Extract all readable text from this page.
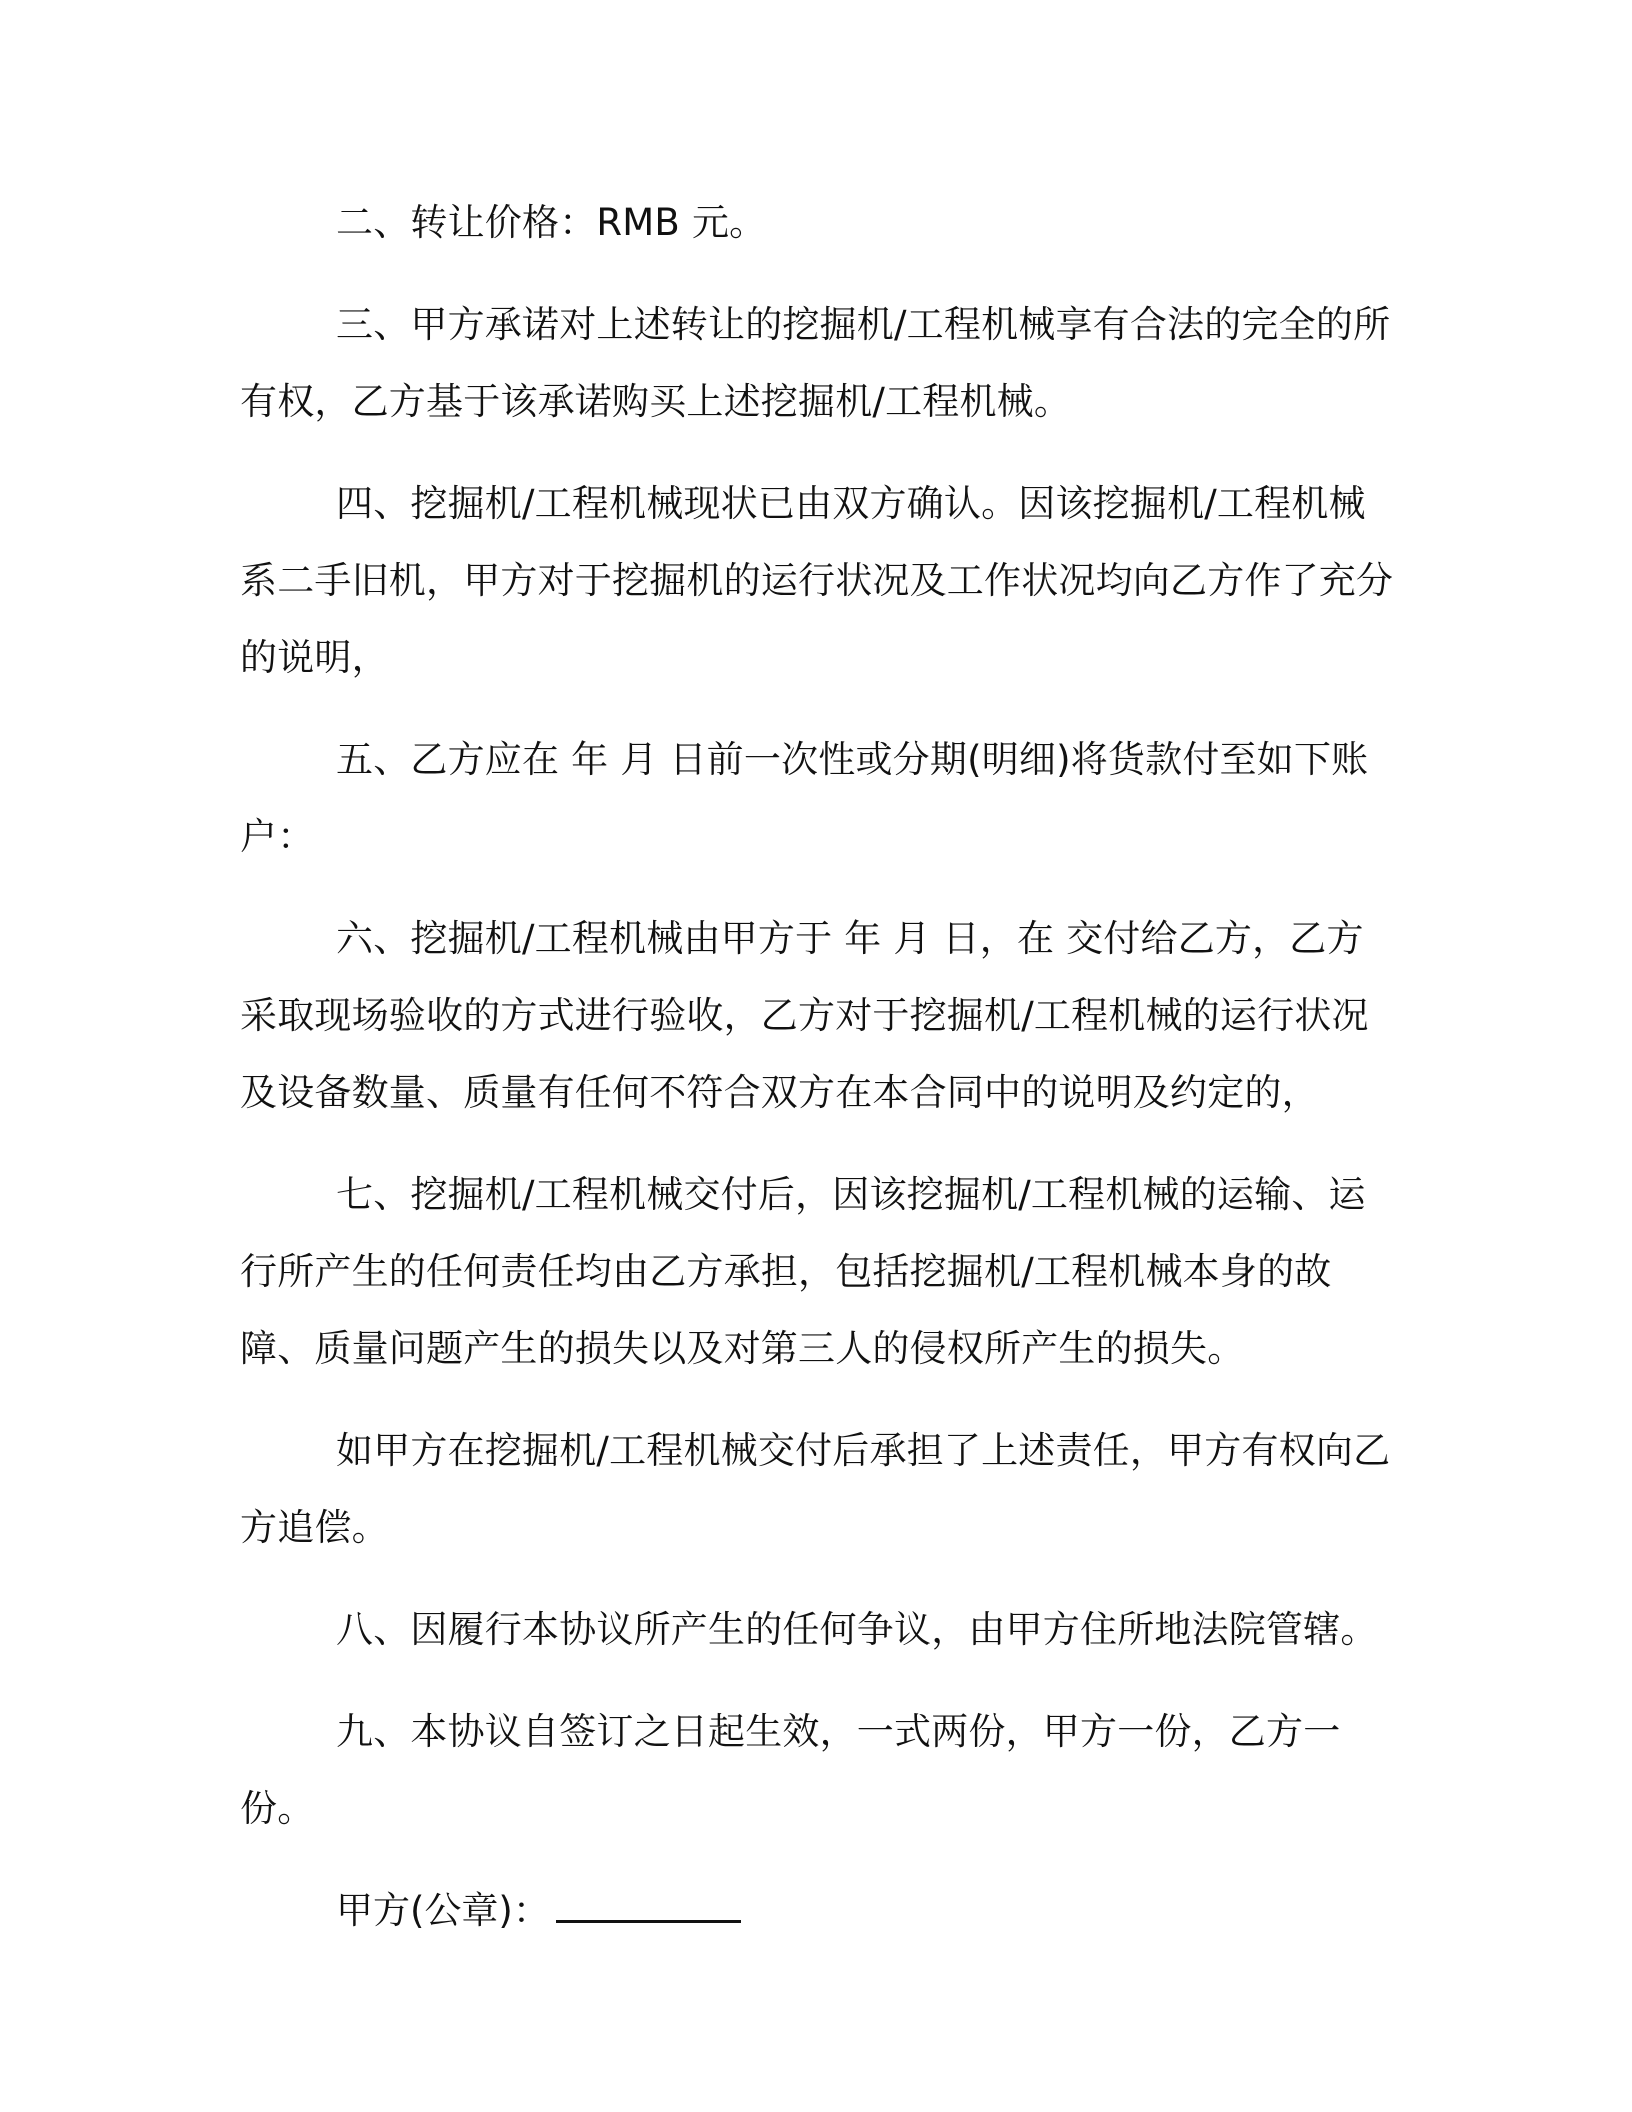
二、转让价格：RMB 元。

三、甲方承诺对上述转让的挖掘机/工程机械享有合法的完全的所有权，乙方基于该承诺购买上述挖掘机/工程机械。

四、挖掘机/工程机械现状已由双方确认。因该挖掘机/工程机械系二手旧机，甲方对于挖掘机的运行状况及工作状况均向乙方作了充分的说明，

五、乙方应在 年 月 日前一次性或分期(明细)将货款付至如下账户：

六、挖掘机/工程机械由甲方于 年 月 日，在 交付给乙方，乙方采取现场验收的方式进行验收，乙方对于挖掘机/工程机械的运行状况及设备数量、质量有任何不符合双方在本合同中的说明及约定的，

七、挖掘机/工程机械交付后，因该挖掘机/工程机械的运输、运行所产生的任何责任均由乙方承担，包括挖掘机/工程机械本身的故障、质量问题产生的损失以及对第三人的侵权所产生的损失。

如甲方在挖掘机/工程机械交付后承担了上述责任，甲方有权向乙方追偿。

八、因履行本协议所产生的任何争议，由甲方住所地法院管辖。

九、本协议自签订之日起生效，一式两份，甲方一份，乙方一份。

甲方(公章)：
